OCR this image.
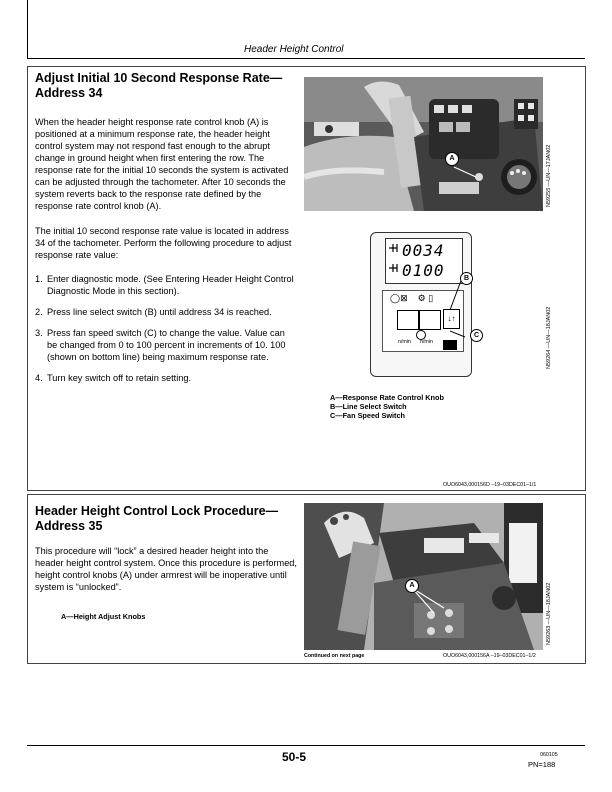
Header Height Control
Adjust Initial 10 Second Response Rate—
Address 34
When the header height response rate control knob (A) is positioned at a minimum response rate, the header height control system may not respond fast enough to the abrupt change in ground height when first entering the row. The response rate for the initial 10 seconds the system is activated can be adjusted through the tachometer. After 10 seconds the system reverts back to the response rate defined by the response rate control knob (A).
The initial 10 second response rate value is located in address 34 of the tachometer. Perform the following procedure to adjust response rate value:
1. Enter diagnostic mode. (See Entering Header Height Control Diagnostic Mode in this section).
2. Press line select switch (B) until address 34 is reached.
3. Press fan speed switch (C) to change the value. Value can be changed from 0 to 100 percent in increments of 10. 100 (shown on bottom line) being maximum response rate.
4. Turn key switch off to retain setting.
A	N59255 —UN—17JAN02
0034
0100
◯⊠ ⚙ ▯
↓↑
n/min n/min
B
C	N59264 —UN—18JAN02
A—Response Rate Control Knob
B—Line Select Switch
C—Fan Speed Switch
OUO6043,000156D –19–03DEC01–1/1
Header Height Control Lock Procedure—
Address 35
This procedure will “lock” a desired header height into the header height control system. Once this procedure is performed, height control knobs (A) under armrest will be inoperative until system is “unlocked”.
A—Height Adjust Knobs
A	N59263 —UN—18JAN02
Continued on next page	OUO6043,000156A –19–03DEC01–1/2
50-5	060105
PN=188
